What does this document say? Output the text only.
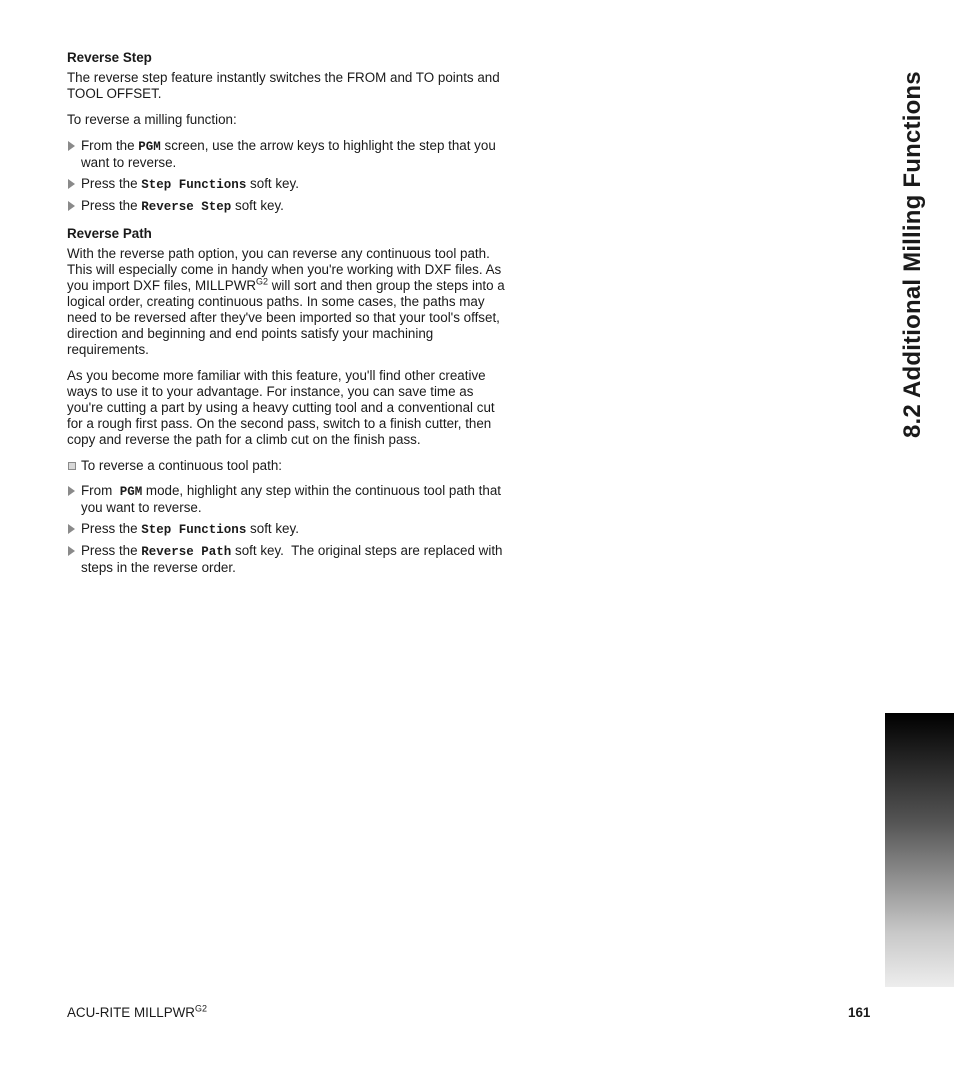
Reverse Step

The reverse step feature instantly switches the FROM and TO points and TOOL OFFSET.

To reverse a milling function:

From the PGM screen, use the arrow keys to highlight the step that you want to reverse.
Press the Step Functions soft key.
Press the Reverse Step soft key.
Reverse Path

With the reverse path option, you can reverse any continuous tool path. This will especially come in handy when you're working with DXF files. As you import DXF files, $MILLPWR^{G2}$ will sort and then group the steps into a logical order, creating continuous paths. In some cases, the paths may need to be reversed after they've been imported so that your tool's offset, direction and beginning and end points satisfy your machining requirements.

As you become more familiar with this feature, you'll find other creative ways to use it to your advantage. For instance, you can save time as you're cutting a part by using a heavy cutting tool and a conventional cut for a rough first pass. On the second pass, switch to a finish cutter, then copy and reverse the path for a climb cut on the finish pass.

To reverse a continuous tool path:
From  PGM mode, highlight any step within the continuous tool path that you want to reverse.
Press the Step Functions soft key.
Press the Reverse Path soft key.  The original steps are replaced with steps in the reverse order.
8.2 Additional Milling Functions
ACU-RITE $MILLPWR^{G2}$	161
